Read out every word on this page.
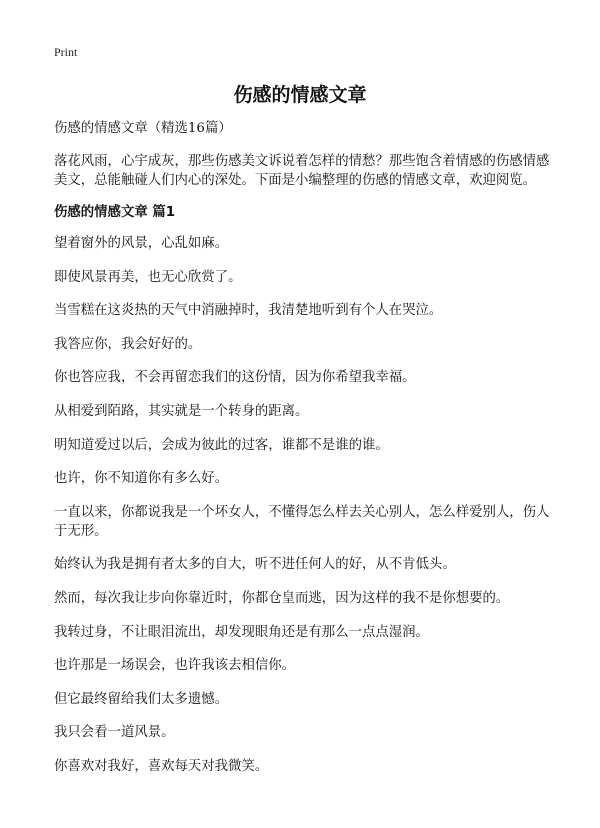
Print
伤感的情感文章

伤感的情感文章（精选16篇）

落花风雨，心宇成灰，那些伤感美文诉说着怎样的情愁？那些饱含着情感的伤感情感美文，总能触碰人们内心的深处。下面是小编整理的伤感的情感文章，欢迎阅览。

伤感的情感文章 篇1

望着窗外的风景，心乱如麻。

即使风景再美，也无心欣赏了。

当雪糕在这炎热的天气中消融掉时，我清楚地听到有个人在哭泣。

我答应你，我会好好的。

你也答应我，不会再留恋我们的这份情，因为你希望我幸福。

从相爱到陌路，其实就是一个转身的距离。

明知道爱过以后，会成为彼此的过客，谁都不是谁的谁。

也许，你不知道你有多么好。

一直以来，你都说我是一个坏女人，不懂得怎么样去关心别人，怎么样爱别人，伤人于无形。

始终认为我是拥有者太多的自大，听不进任何人的好，从不肯低头。

然而，每次我让步向你靠近时，你都仓皇而逃，因为这样的我不是你想要的。

我转过身，不让眼泪流出，却发现眼角还是有那么一点点湿润。

也许那是一场误会，也许我该去相信你。

但它最终留给我们太多遗憾。

我只会看一道风景。

你喜欢对我好，喜欢每天对我微笑。
